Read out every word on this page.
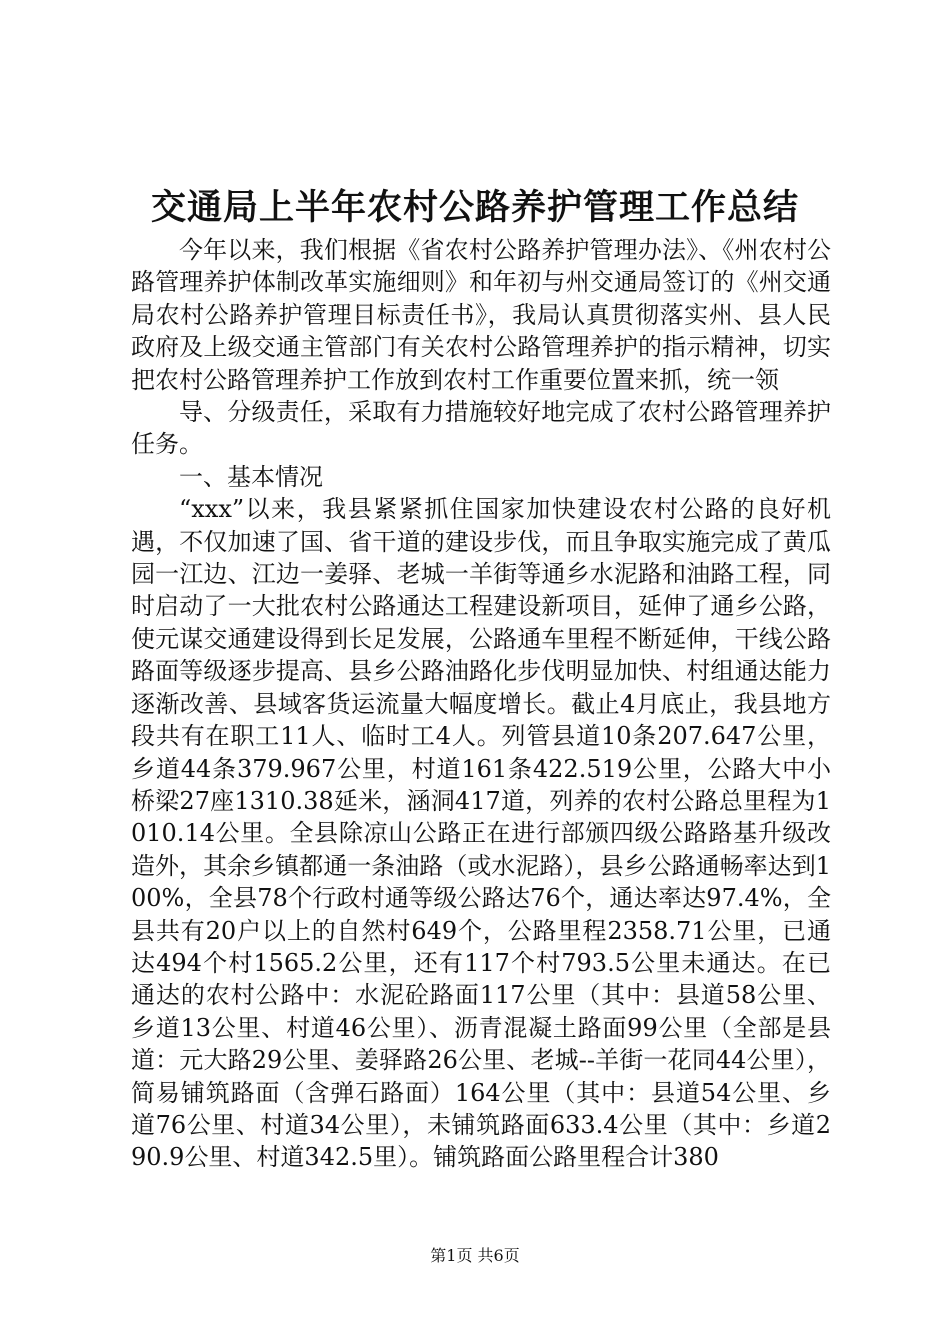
交通局上半年农村公路养护管理工作总结

今年以来，我们根据《省农村公路养护管理办法》、《州农村公路管理养护体制改革实施细则》和年初与州交通局签订的《州交通局农村公路养护管理目标责任书》，我局认真贯彻落实州、县人民政府及上级交通主管部门有关农村公路管理养护的指示精神，切实把农村公路管理养护工作放到农村工作重要位置来抓，统一领

导、分级责任，采取有力措施较好地完成了农村公路管理养护任务。

一、基本情况

“xxx”以来，我县紧紧抓住国家加快建设农村公路的良好机遇，不仅加速了国、省干道的建设步伐，而且争取实施完成了黄瓜园一江边、江边一姜驿、老城一羊街等通乡水泥路和油路工程，同时启动了一大批农村公路通达工程建设新项目，延伸了通乡公路，使元谋交通建设得到长足发展，公路通车里程不断延伸，干线公路路面等级逐步提高、县乡公路油路化步伐明显加快、村组通达能力逐渐改善、县域客货运流量大幅度增长。截止4月底止，我县地方段共有在职工11人、临时工4人。列管县道10条207.647公里，乡道44条379.967公里，村道161条422.519公里，公路大中小桥梁27座1310.38延米，涵洞417道，列养的农村公路总里程为1010.14公里。全县除凉山公路正在进行部颁四级公路路基升级改造外，其余乡镇都通一条油路（或水泥路），县乡公路通畅率达到100%，全县78个行政村通等级公路达76个，通达率达97.4%，全县共有20户以上的自然村649个，公路里程2358.71公里，已通达494个村1565.2公里，还有117个村793.5公里未通达。在已通达的农村公路中：水泥砼路面117公里（其中：县道58公里、乡道13公里、村道46公里）、沥青混凝土路面99公里（全部是县道：元大路29公里、姜驿路26公里、老城--羊街一花同44公里），简易铺筑路面（含弹石路面）164公里（其中：县道54公里、乡道76公里、村道34公里），未铺筑路面633.4公里（其中：乡道290.9公里、村道342.5里）。铺筑路面公路里程合计380

第1页 共6页
